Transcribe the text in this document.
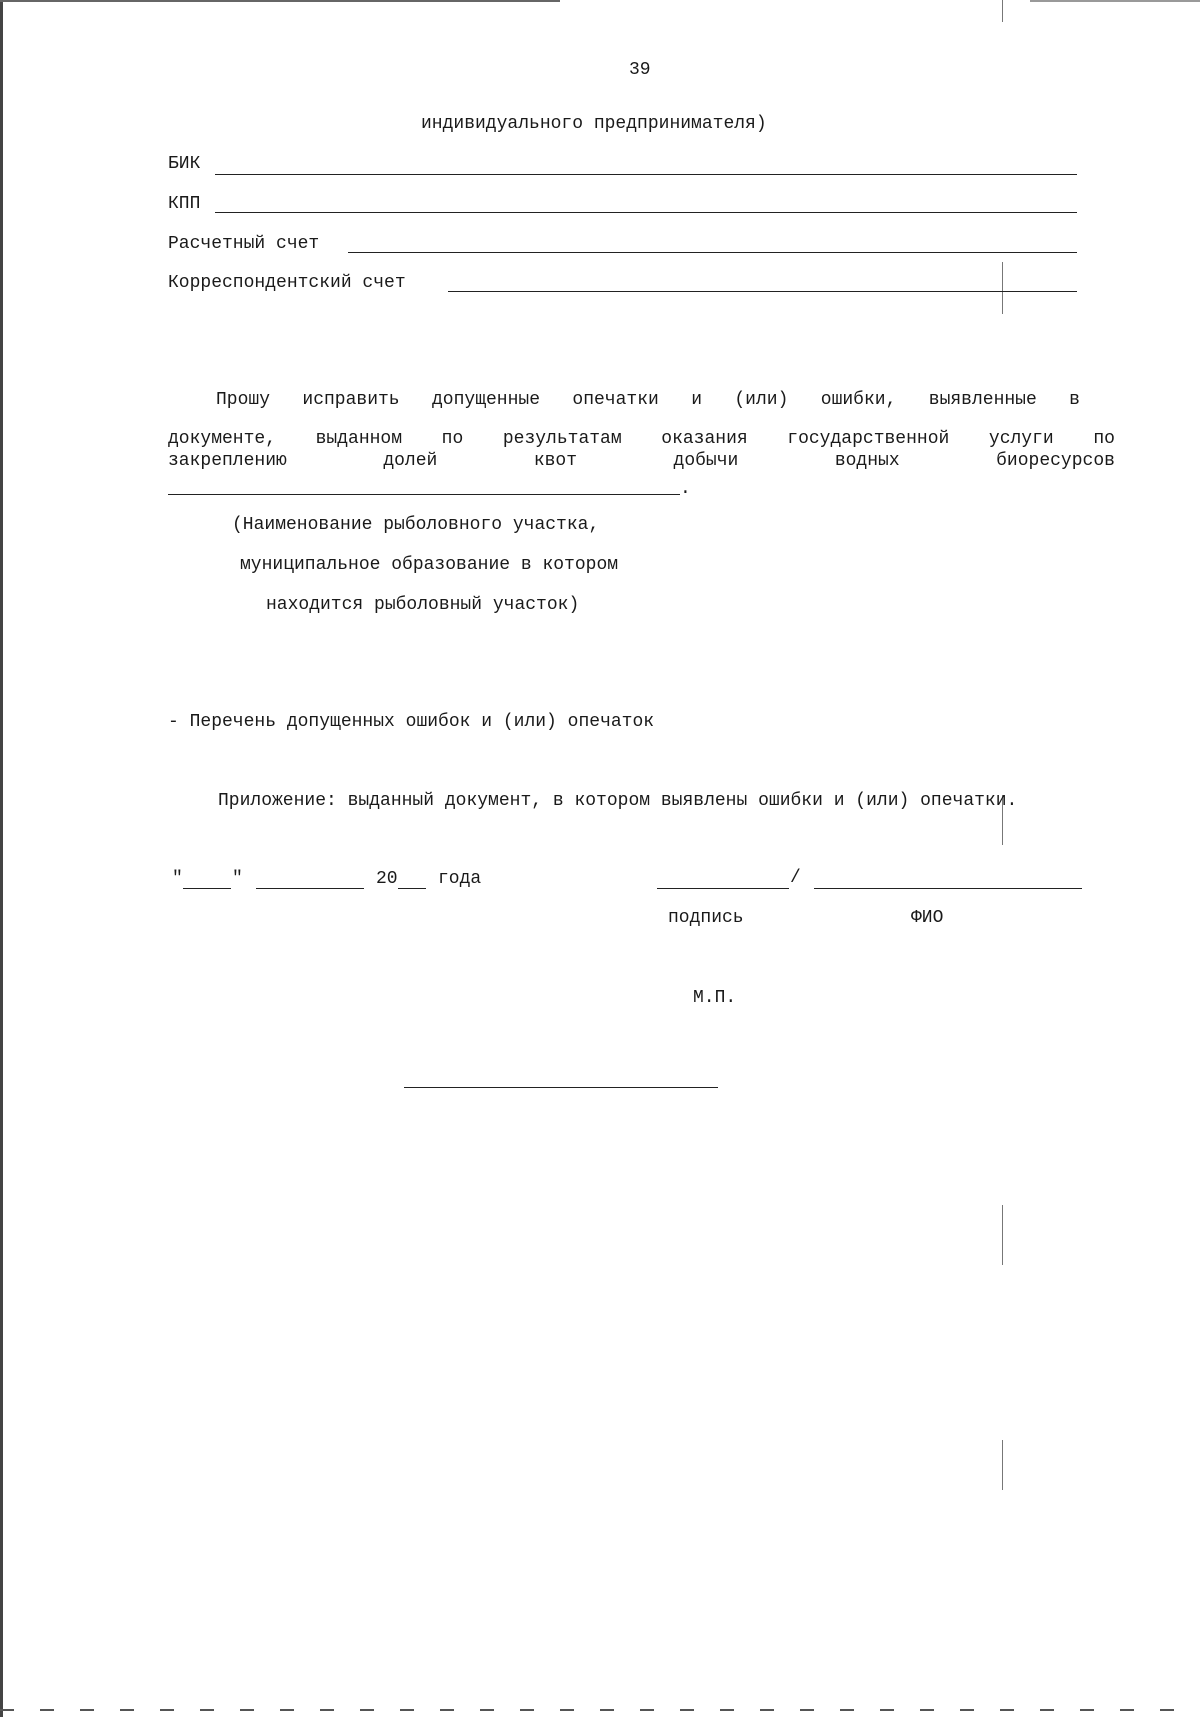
39
индивидуального предпринимателя)
БИК
КПП
Расчетный счет
Корреспондентский счет
Прошу исправить допущенные опечатки и (или) ошибки, выявленные в
документе, выданном по результатам оказания государственной услуги по
закреплению	долей	квот	добычи	водных	биоресурсов
.
(Наименование рыболовного участка,
муниципальное образование в котором
находится рыболовный участок)
- Перечень допущенных ошибок и (или) опечаток
Приложение: выданный документ, в котором выявлены ошибки и (или) опечатки.
"	"	20 года	/
подпись	ФИО
М.П.
